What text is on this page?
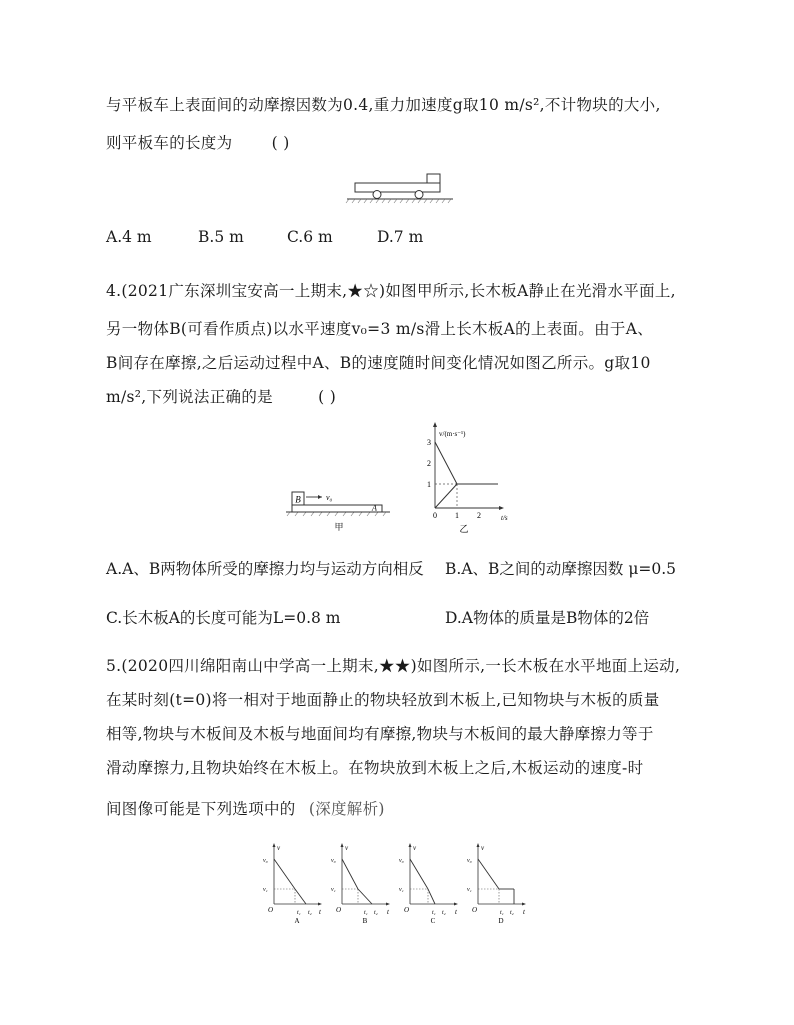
与平板车上表面间的动摩擦因数为0.4,重力加速度g取10 m/s²,不计物块的大小,
则平板车的长度为	( )
A.4 m	B.5 m	C.6 m	D.7 m
4.(2021广东深圳宝安高一上期末,★☆)如图甲所示,长木板A静止在光滑水平面上,
另一物体B(可看作质点)以水平速度v₀=3 m/s滑上长木板A的上表面。由于A、
B间存在摩擦,之后运动过程中A、B的速度随时间变化情况如图乙所示。g取10
m/s²,下列说法正确的是	( )
B	v₀
A
甲
v/(m·s⁻¹)
t/s
3
2
1
0 1 2
乙
A.A、B两物体所受的摩擦力均与运动方向相反 B.A、B之间的动摩擦因数 μ=0.5
C.长木板A的长度可能为L=0.8 m	D.A物体的质量是B物体的2倍
5.(2020四川绵阳南山中学高一上期末,★★)如图所示,一长木板在水平地面上运动,
在某时刻(t=0)将一相对于地面静止的物块轻放到木板上,已知物块与木板的质量
相等,物块与木板间及木板与地面间均有摩擦,物块与木板间的最大静摩擦力等于
滑动摩擦力,且物块始终在木板上。在物块放到木板上之后,木板运动的速度-时
间图像可能是下列选项中的 (深度解析)
v
t
O
v₀
v₁
t₁ t₂
A
v
t
O
v₀
v₁
t₁ t₂
B
v
t
O
v₀
v₁
t₁ t₂
C
v
t
O
v₀
v₁
t₁ t₂
D
